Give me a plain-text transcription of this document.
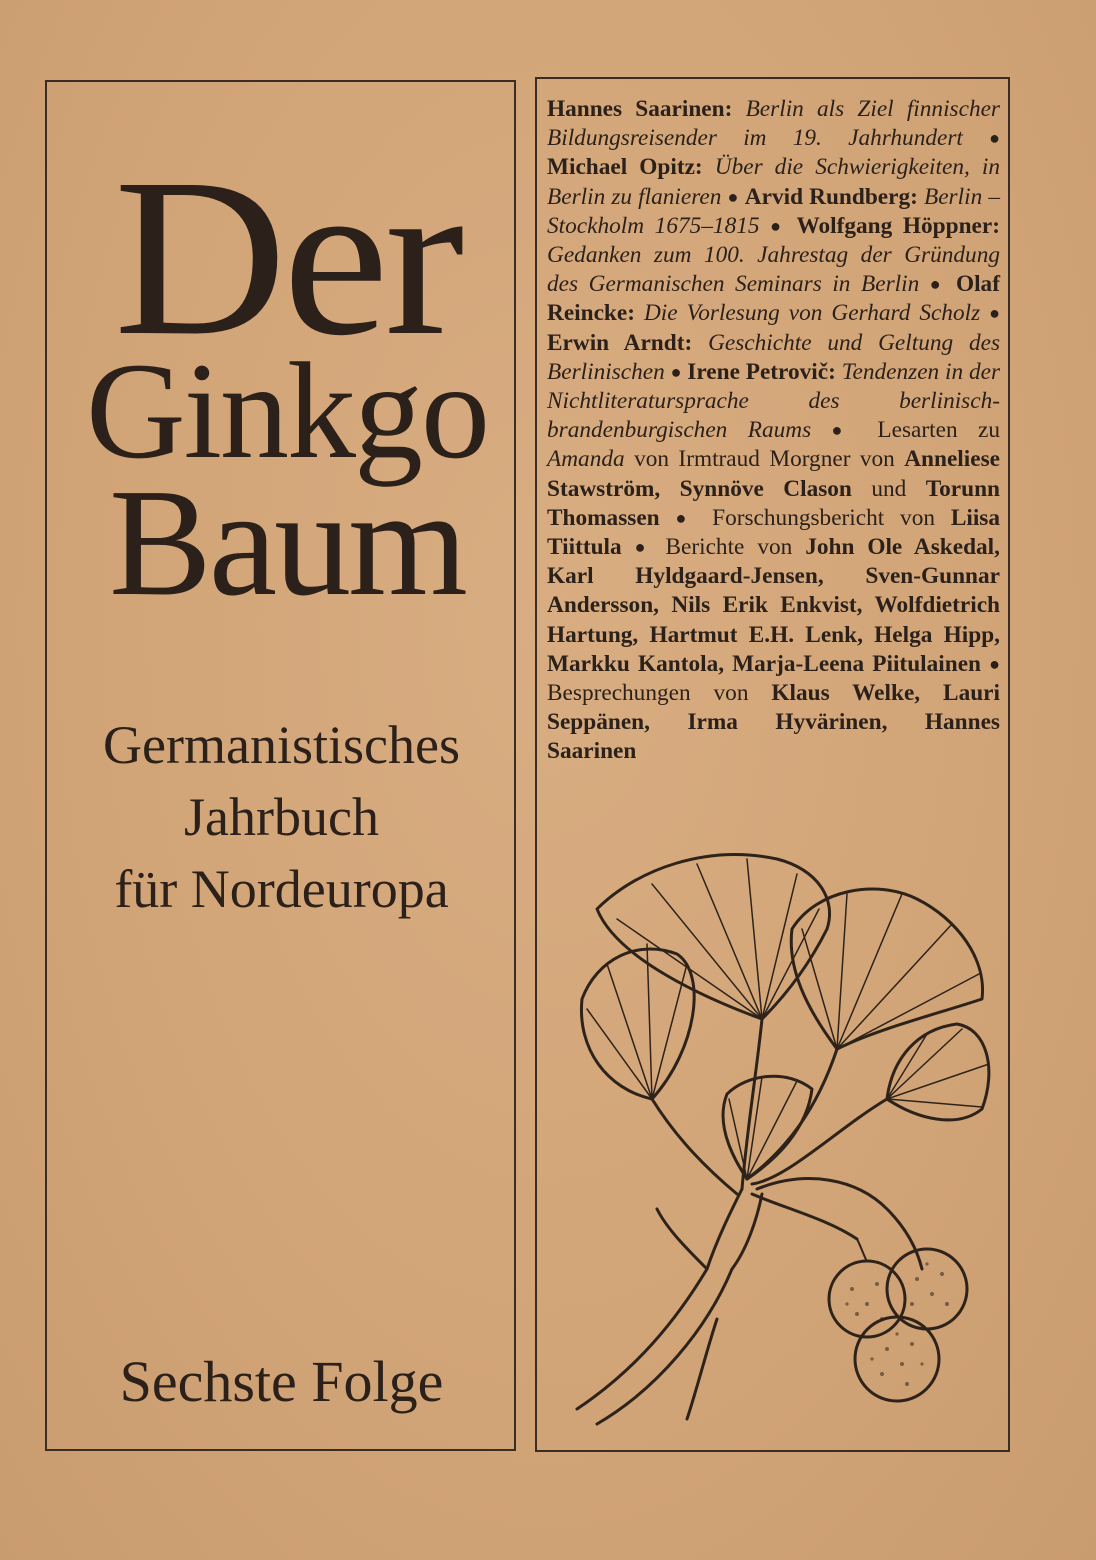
Der
Ginkgo
Baum
Germanistisches
Jahrbuch
für Nordeuropa
Sechste Folge
Hannes Saarinen: Berlin als Ziel finnischer Bildungsreisender im 19. Jahrhundert ● Michael Opitz: Über die Schwierigkeiten, in Berlin zu flanieren ● Arvid Rundberg: Berlin – Stockholm 1675–1815 ● Wolfgang Höppner: Gedanken zum 100. Jahrestag der Gründung des Germanischen Seminars in Berlin ● Olaf Reincke: Die Vorlesung von Gerhard Scholz ● Erwin Arndt: Geschichte und Geltung des Berlinischen ● Irene Petrovič: Tendenzen in der Nichtliteratursprache des berlinisch-brandenburgischen Raums ● Lesarten zu Amanda von Irmtraud Morgner von Anneliese Stawström, Synnöve Clason und Torunn Thomassen ● Forschungsbericht von Liisa Tiittula ● Berichte von John Ole Askedal, Karl Hyldgaard-Jensen, Sven-Gunnar Andersson, Nils Erik Enkvist, Wolfdietrich Hartung, Hartmut E.H. Lenk, Helga Hipp, Markku Kantola, Marja-Leena Piitulainen ● Besprechungen von Klaus Welke, Lauri Seppänen, Irma Hyvärinen, Hannes Saarinen
